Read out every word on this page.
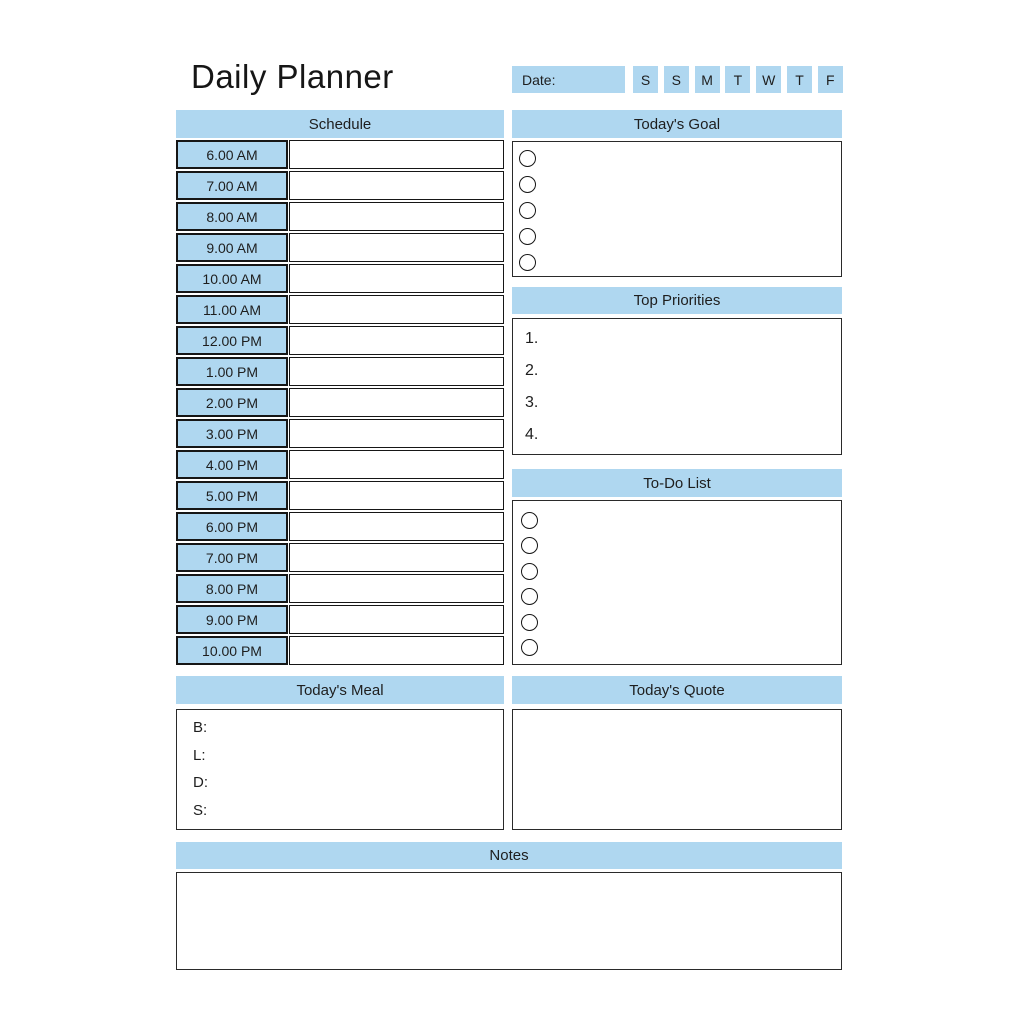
Daily Planner	Date:	S S M T W T F
Schedule
6.00 AM
7.00 AM
8.00 AM
9.00 AM
10.00 AM
11.00 AM
12.00 PM
1.00 PM
2.00 PM
3.00 PM
4.00 PM
5.00 PM
6.00 PM
7.00 PM
8.00 PM
9.00 PM
10.00 PM
Today's Goal
Top Priorities
1.
2.
3.
4.
To-Do List
Today's Meal
B:
L:
D:
S:
Today's Quote
Notes
